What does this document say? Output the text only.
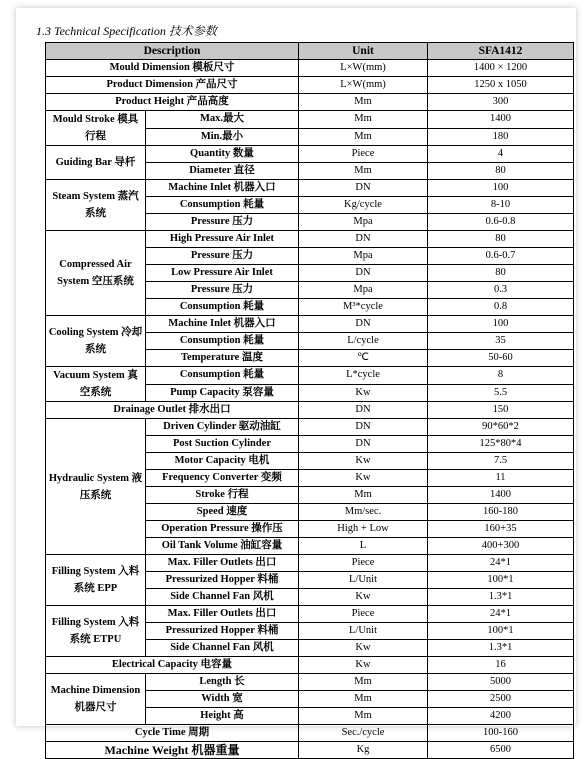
1.3 Technical Specification 技术参数
Description		Unit	SFA1412
Mould Dimension 模板尺寸		L×W(mm)	1400 × 1200
Product Dimension 产品尺寸		L×W(mm)	1250 x 1050
Product Height 产品高度		Mm	300
Mould Stroke 模具行程	Max.最大	Mm	1400
	Min.最小	Mm	180
Guiding Bar 导杆	Quantity 数量	Piece	4
	Diameter 直径	Mm	80
Steam System 蒸汽系统	Machine Inlet 机器入口	DN	100
	Consumption 耗量	Kg/cycle	8-10
	Pressure 压力	Mpa	0.6-0.8
Compressed Air System 空压系统	High Pressure Air Inlet	DN	80
	Pressure 压力	Mpa	0.6-0.7
	Low Pressure Air Inlet	DN	80
	Pressure 压力	Mpa	0.3
	Consumption 耗量	M³*cycle	0.8
Cooling System 冷却系统	Machine Inlet 机器入口	DN	100
	Consumption 耗量	L/cycle	35
	Temperature 温度	℃	50-60
Vacuum System 真空系统	Consumption 耗量	L*cycle	8
	Pump Capacity 泵容量	Kw	5.5
Drainage Outlet 排水出口		DN	150
Hydraulic System 液压系统	Driven Cylinder 驱动油缸	DN	90*60*2
	Post Suction Cylinder	DN	125*80*4
	Motor Capacity 电机	Kw	7.5
	Frequency Converter 变频	Kw	11
	Stroke 行程	Mm	1400
	Speed 速度	Mm/sec.	160-180
	Operation Pressure 操作压	High + Low	160+35
	Oil Tank Volume 油缸容量	L	400+300
Filling System 入料系统 EPP	Max. Filler Outlets 出口	Piece	24*1
	Pressurized Hopper 料桶	L/Unit	100*1
	Side Channel Fan 风机	Kw	1.3*1
Filling System 入料系统 ETPU	Max. Filler Outlets 出口	Piece	24*1
	Pressurized Hopper 料桶	L/Unit	100*1
	Side Channel Fan 风机	Kw	1.3*1
Electrical Capacity 电容量		Kw	16
Machine Dimension 机器尺寸	Length 长	Mm	5000
	Width 宽	Mm	2500
	Height 高	Mm	4200
Cycle Time 周期		Sec./cycle	100-160
Machine Weight 机器重量		Kg	6500
